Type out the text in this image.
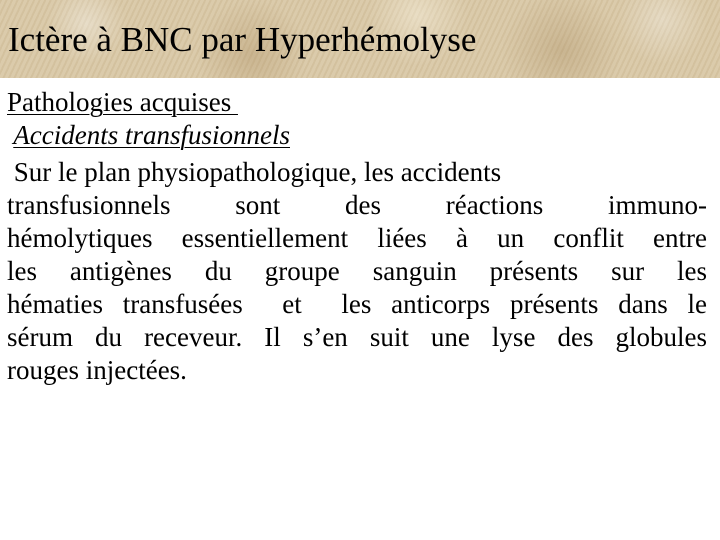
Ictère à BNC par Hyperhémolyse
Pathologies acquises
Accidents transfusionnels

Sur le plan physiopathologique, les accidents
transfusionnels sont des réactions immuno-
hémolytiques essentiellement liées à un conflit entre
les antigènes du groupe sanguin présents sur les
hématies transfusées  et  les anticorps présents dans le
sérum du receveur. Il s’en suit une lyse des globules
rouges injectées.
